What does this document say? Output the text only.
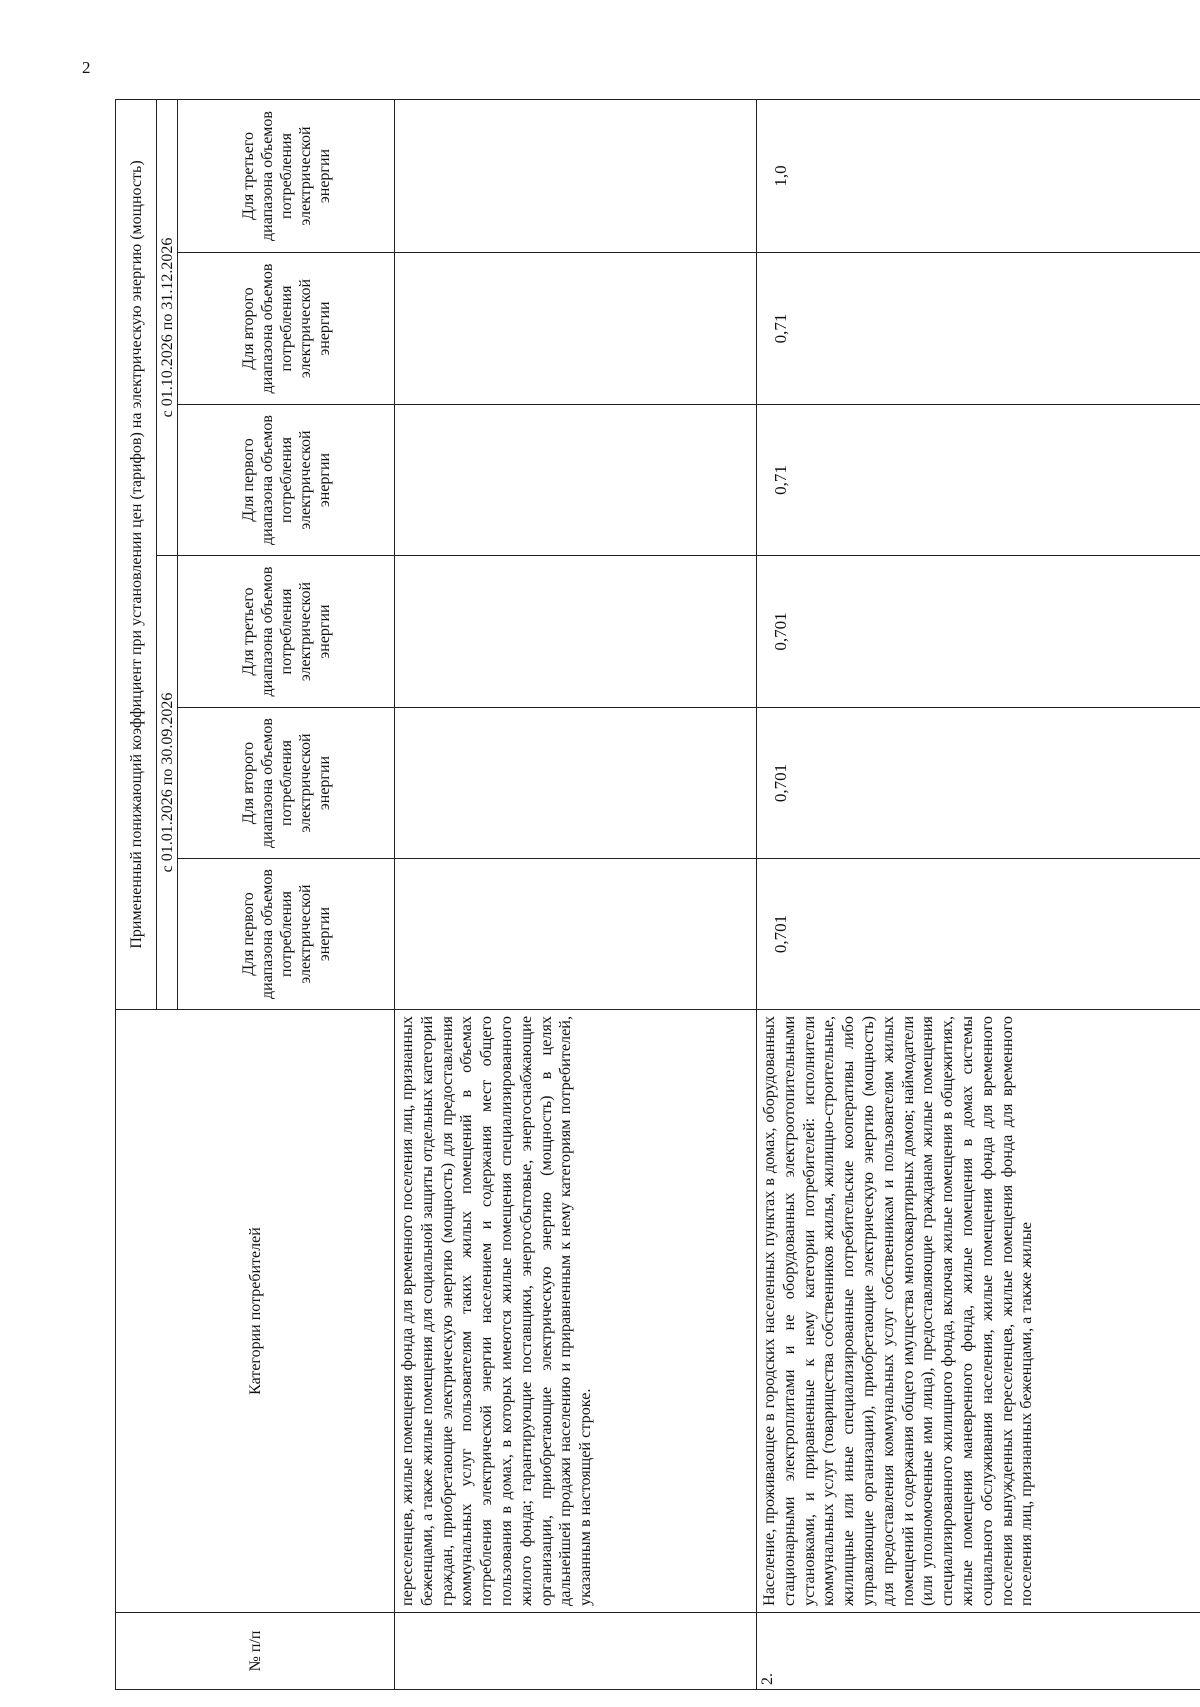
2
№ п/п	Категории потребителей	Примененный понижающий коэффициент при установлении цен (тарифов) на электрическую энергию (мощность)					
		с 01.01.2026 по 30.09.2026			с 01.10.2026 по 31.12.2026		
		Для первого диапазона объемов потребления электрической энергии	Для второго диапазона объемов потребления электрической энергии	Для третьего диапазона объемов потребления электрической энергии	Для первого диапазона объемов потребления электрической энергии	Для второго диапазона объемов потребления электрической энергии	Для третьего диапазона объемов потребления электрической энергии
	переселенцев, жилые помещения фонда для временного поселения лиц, признанных беженцами, а также жилые помещения для социальной защиты отдельных категорий граждан, приобретающие электрическую энергию (мощность) для предоставления коммунальных услуг пользователям таких жилых помещений в объемах потребления электрической энергии населением и содержания мест общего пользования в домах, в которых имеются жилые помещения специализированного жилого фонда; гарантирующие поставщики, энергосбытовые, энергоснабжающие организации, приобретающие электрическую энергию (мощность) в целях дальнейшей продажи населению и приравненным к нему категориям потребителей, указанным в настоящей строке.						
2.	Население, проживающее в городских населенных пунктах в домах, оборудованных стационарными электроплитами и не оборудованных электроотопительными установками, и приравненные к нему категории потребителей: исполнители коммунальных услуг (товарищества собственников жилья, жилищно-строительные, жилищные или иные специализированные потребительские кооперативы либо управляющие организации), приобретающие электрическую энергию (мощность) для предоставления коммунальных услуг собственникам и пользователям жилых помещений и содержания общего имущества многоквартирных домов; наймодатели (или уполномоченные ими лица), предоставляющие гражданам жилые помещения специализированного жилищного фонда, включая жилые помещения в общежитиях, жилые помещения маневренного фонда, жилые помещения в домах системы социального обслуживания населения, жилые помещения фонда для временного поселения вынужденных переселенцев, жилые помещения фонда для временного поселения лиц, признанных беженцами, а также жилые	0,701	0,701	0,701	0,71	0,71	1,0
